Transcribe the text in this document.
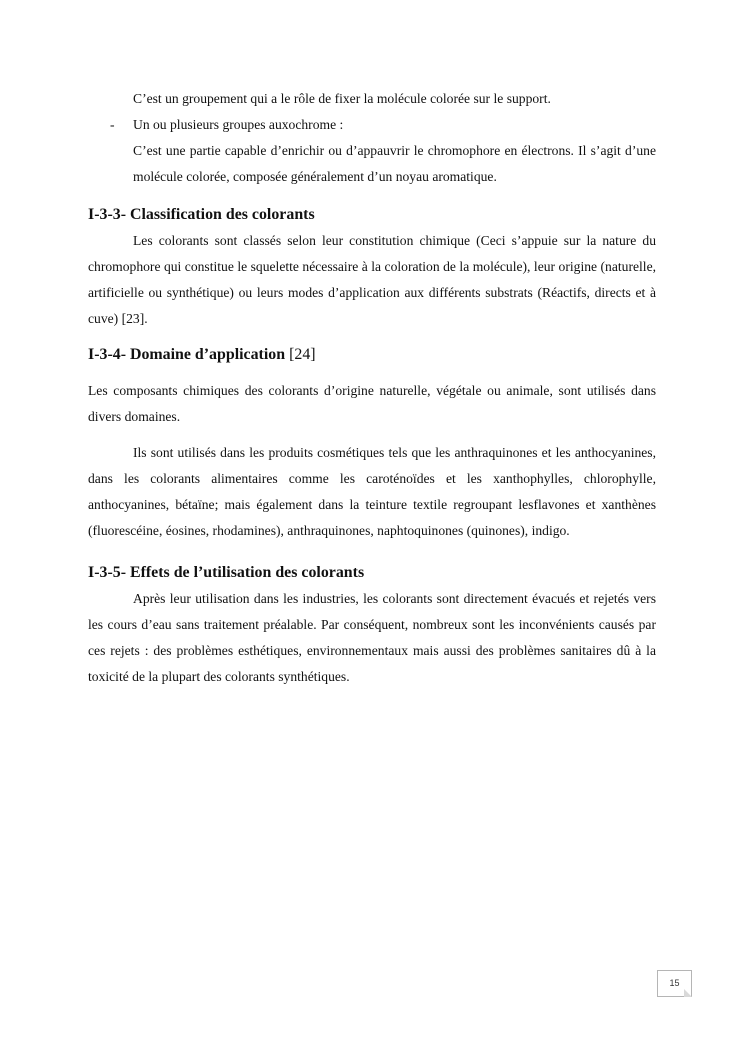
C’est un groupement qui a le rôle de fixer la molécule colorée sur le support.
- Un ou plusieurs groupes auxochrome :
C’est une partie capable d’enrichir ou d’appauvrir le chromophore en électrons. Il s’agit d’une molécule colorée, composée généralement d’un noyau aromatique.
I-3-3- Classification des colorants

Les colorants sont classés selon leur constitution chimique (Ceci s’appuie sur la nature du chromophore qui constitue le squelette nécessaire à la coloration de la molécule), leur origine (naturelle, artificielle ou synthétique) ou leurs modes d’application aux différents substrats (Réactifs, directs et à cuve) [23].

I-3-4- Domaine d’application [24]

Les composants chimiques des colorants d’origine naturelle, végétale ou animale, sont utilisés dans divers domaines.

Ils sont utilisés dans les produits cosmétiques tels que les anthraquinones et les anthocyanines, dans les colorants alimentaires comme les caroténoïdes et les xanthophylles, chlorophylle, anthocyanines, bétaïne; mais également dans la teinture textile regroupant lesflavones et xanthènes (fluorescéine, éosines, rhodamines), anthraquinones, naphtoquinones (quinones), indigo.

I-3-5- Effets de l’utilisation des colorants

Après leur utilisation dans les industries, les colorants sont directement évacués et rejetés vers les cours d’eau sans traitement préalable. Par conséquent, nombreux sont les inconvénients causés par ces rejets : des problèmes esthétiques, environnementaux mais aussi des problèmes sanitaires dû à la toxicité de la plupart des colorants synthétiques.

15
